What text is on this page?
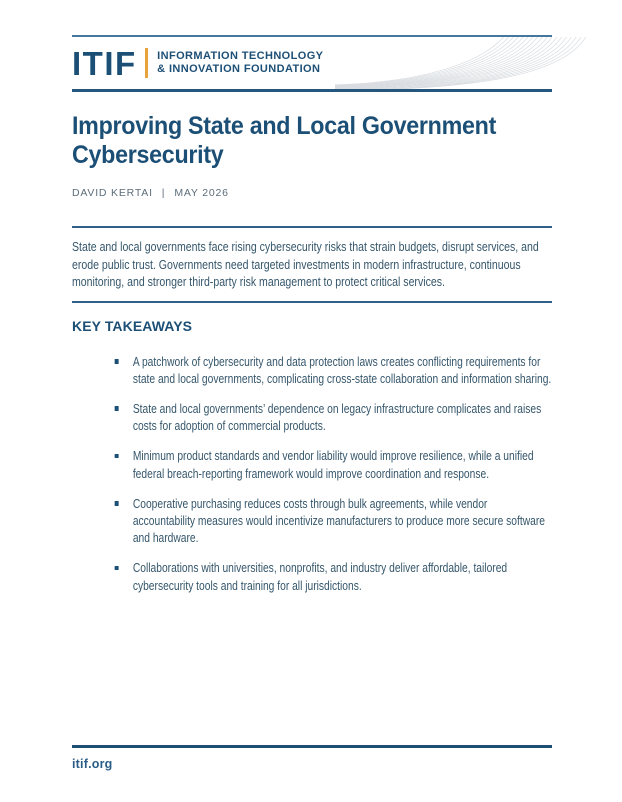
ITIF INFORMATION TECHNOLOGY
& INNOVATION FOUNDATION
Improving State and Local Government
Cybersecurity
DAVID KERTAI | MAY 2026
State and local governments face rising cybersecurity risks that strain budgets, disrupt services, and erode public trust. Governments need targeted investments in modern infrastructure, continuous monitoring, and stronger third-party risk management to protect critical services.
KEY TAKEAWAYS
A patchwork of cybersecurity and data protection laws creates conflicting requirements for state and local governments, complicating cross-state collaboration and information sharing.
State and local governments’ dependence on legacy infrastructure complicates and raises costs for adoption of commercial products.
Minimum product standards and vendor liability would improve resilience, while a unified federal breach-reporting framework would improve coordination and response.
Cooperative purchasing reduces costs through bulk agreements, while vendor accountability measures would incentivize manufacturers to produce more secure software and hardware.
Collaborations with universities, nonprofits, and industry deliver affordable, tailored cybersecurity tools and training for all jurisdictions.
itif.org
